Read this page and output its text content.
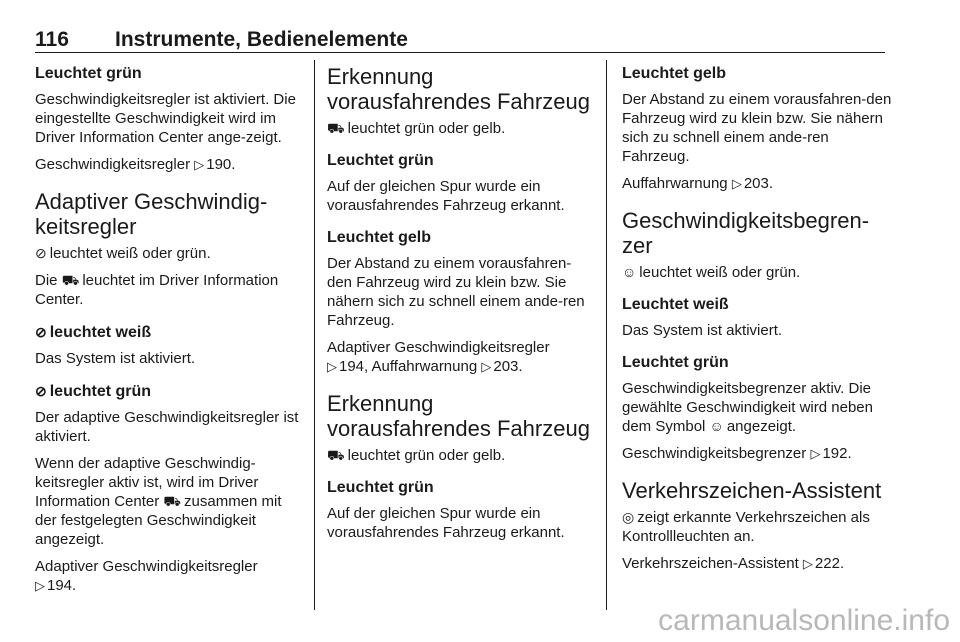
116 Instrumente, Bedienelemente
Leuchtet grün

Geschwindigkeitsregler ist aktiviert. Die eingestellte Geschwindigkeit wird im Driver Information Center ange-zeigt.

Geschwindigkeitsregler ▷ 190.

Adaptiver Geschwindig-keitsregler

⊘ leuchtet weiß oder grün.

Die ⛟ leuchtet im Driver Information Center.

⊘ leuchtet weiß

Das System ist aktiviert.

⊘ leuchtet grün

Der adaptive Geschwindigkeitsregler ist aktiviert.

Wenn der adaptive Geschwindig-keitsregler aktiv ist, wird im Driver Information Center ⛟ zusammen mit der festgelegten Geschwindigkeit angezeigt.

Adaptiver Geschwindigkeitsregler
▷ 194.

Erkennung vorausfahrendes Fahrzeug

⛟ leuchtet grün oder gelb.

Leuchtet grün

Auf der gleichen Spur wurde ein vorausfahrendes Fahrzeug erkannt.

Leuchtet gelb

Der Abstand zu einem vorausfahren-den Fahrzeug wird zu klein bzw. Sie nähern sich zu schnell einem ande-ren Fahrzeug.

Adaptiver Geschwindigkeitsregler
▷ 194, Auffahrwarnung ▷ 203.

Erkennung vorausfahrendes Fahrzeug

⛟ leuchtet grün oder gelb.

Leuchtet grün

Auf der gleichen Spur wurde ein vorausfahrendes Fahrzeug erkannt.

Leuchtet gelb

Der Abstand zu einem vorausfahren-den Fahrzeug wird zu klein bzw. Sie nähern sich zu schnell einem ande-ren Fahrzeug.

Auffahrwarnung ▷ 203.

Geschwindigkeitsbegren-zer

☺ leuchtet weiß oder grün.

Leuchtet weiß

Das System ist aktiviert.

Leuchtet grün

Geschwindigkeitsbegrenzer aktiv. Die gewählte Geschwindigkeit wird neben dem Symbol ☺ angezeigt.

Geschwindigkeitsbegrenzer ▷ 192.

Verkehrszeichen-Assistent

◎ zeigt erkannte Verkehrszeichen als Kontrollleuchten an.

Verkehrszeichen-Assistent ▷ 222.

carmanualsonline.info
